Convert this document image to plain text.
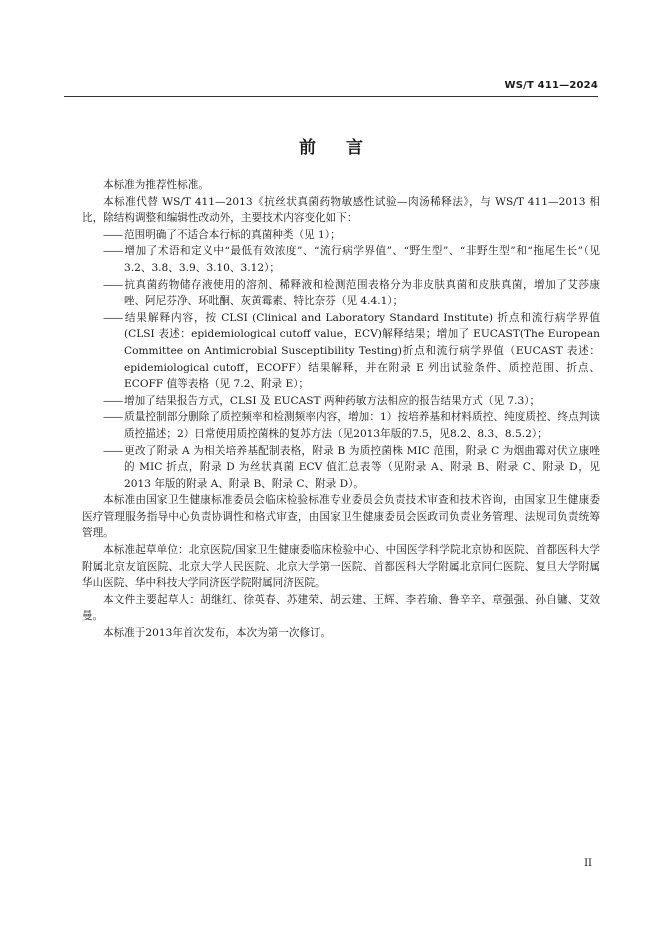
WS/T 411—2024
前言

本标准为推荐性标准。

本标准代替 WS/T 411—2013《抗丝状真菌药物敏感性试验—肉汤稀释法》，与 WS/T 411—2013 相比，除结构调整和编辑性改动外，主要技术内容变化如下：

—— 范围明确了不适合本行标的真菌种类（见 1）；

—— 增加了术语和定义中“最低有效浓度”、“流行病学界值”、“野生型”、“非野生型”和“拖尾生长”（见 3.2、3.8、3.9、3.10、3.12）；

—— 抗真菌药物储存液使用的溶剂、稀释液和检测范围表格分为非皮肤真菌和皮肤真菌，增加了艾莎康唑、阿尼芬净、环吡酮、灰黄霉素、特比奈芬（见 4.4.1）；

—— 结果解释内容，按 CLSI (Clinical and Laboratory Standard Institute) 折点和流行病学界值(CLSI 表述：epidemiological cutoff value，ECV)解释结果；增加了 EUCAST(The European Committee on Antimicrobial Susceptibility Testing)折点和流行病学界值（EUCAST 表述：epidemiological cutoff，ECOFF）结果解释，并在附录 E 列出试验条件、质控范围、折点、ECOFF 值等表格（见 7.2、附录 E）；

—— 增加了结果报告方式，CLSI 及 EUCAST 两种药敏方法相应的报告结果方式（见 7.3）；

—— 质量控制部分删除了质控频率和检测频率内容，增加：1）按培养基和材料质控、纯度质控、终点判读质控描述；2）日常使用质控菌株的复苏方法（见2013年版的7.5，见8.2、8.3、8.5.2）；

—— 更改了附录 A 为相关培养基配制表格，附录 B 为质控菌株 MIC 范围，附录 C 为烟曲霉对伏立康唑的 MIC 折点，附录 D 为丝状真菌 ECV 值汇总表等（见附录 A、附录 B、附录 C、附录 D，见 2013 年版的附录 A、附录 B、附录 C、附录 D）。

本标准由国家卫生健康标准委员会临床检验标准专业委员会负责技术审查和技术咨询，由国家卫生健康委医疗管理服务指导中心负责协调性和格式审查，由国家卫生健康委员会医政司负责业务管理、法规司负责统筹管理。

本标准起草单位：北京医院/国家卫生健康委临床检验中心、中国医学科学院北京协和医院、首都医科大学附属北京友谊医院、北京大学人民医院、北京大学第一医院、首都医科大学附属北京同仁医院、复旦大学附属华山医院、华中科技大学同济医学院附属同济医院。

本文件主要起草人：胡继红、徐英春、苏建荣、胡云建、王辉、李若瑜、鲁辛辛、章强强、孙自镛、艾效曼。

本标准于2013年首次发布，本次为第一次修订。

II
